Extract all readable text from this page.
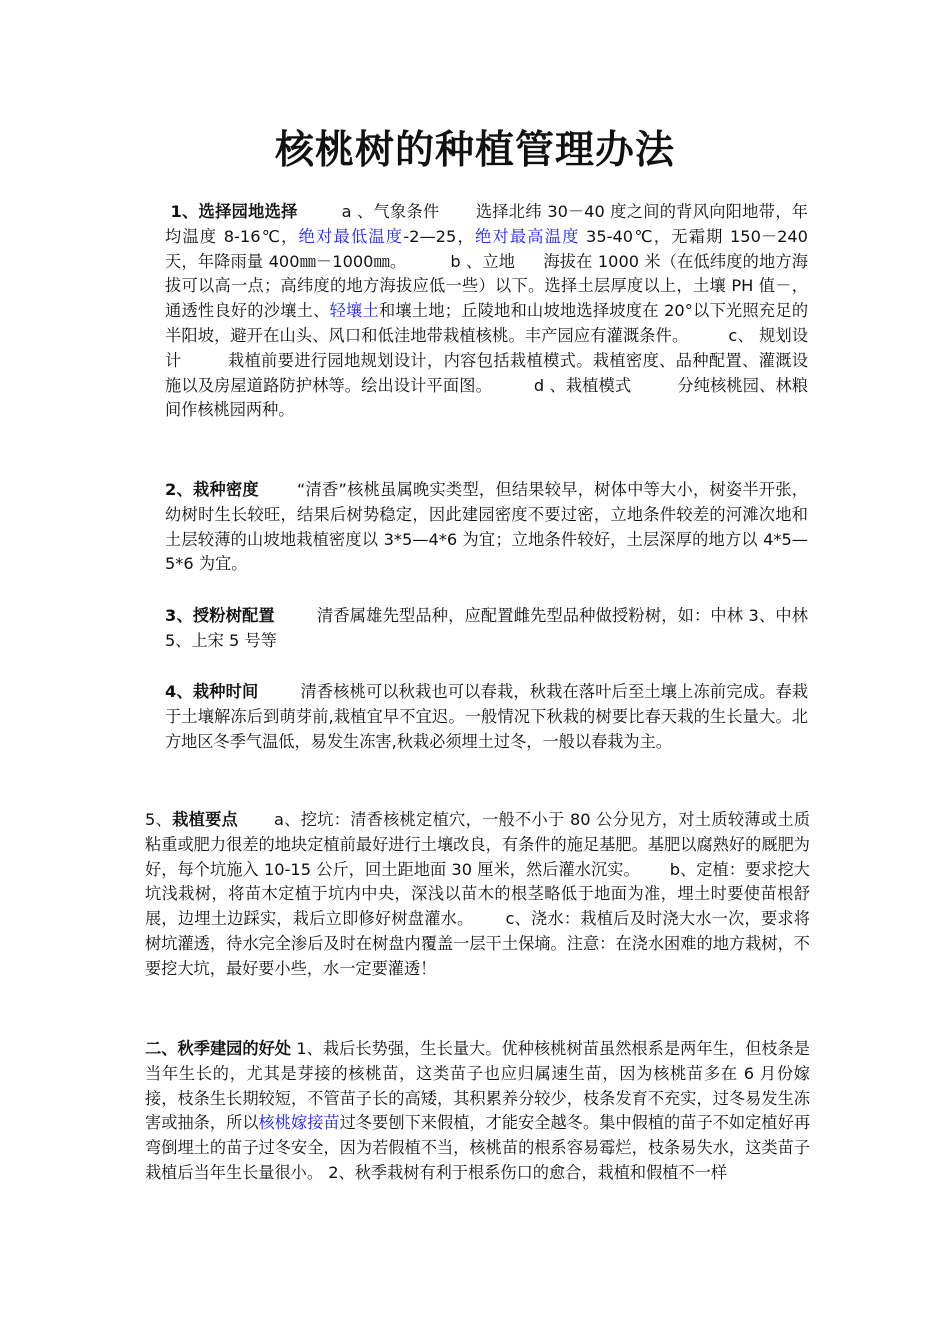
核桃树的种植管理办法

1、选择园地选择	a 、气象条件 选择北纬 30－40 度之间的背风向阳地带，年均温度 8-16℃，绝对最低温度-2—25，绝对最高温度 35-40℃，无霜期 150－240 天，年降雨量 400㎜－1000㎜。	b 、立地 海拔在 1000 米（在低纬度的地方海拔可以高一点；高纬度的地方海拔应低一些）以下。选择土层厚度以上，土壤 PH 值－，通透性良好的沙壤土、轻壤土和壤土地；丘陵地和山坡地选择坡度在 20°以下光照充足的半阳坡，避开在山头、风口和低洼地带栽植核桃。丰产园应有灌溉条件。 c、 规划设计	栽植前要进行园地规划设计，内容包括栽植模式。栽植密度、品种配置、灌溉设施以及房屋道路防护林等。绘出设计平面图。	d 、栽植模式	分纯核桃园、林粮间作核桃园两种。

2、栽种密度 “清香”核桃虽属晚实类型，但结果较早，树体中等大小，树姿半开张，幼树时生长较旺，结果后树势稳定，因此建园密度不要过密，立地条件较差的河滩次地和土层较薄的山坡地栽植密度以 3*5—4*6 为宜；立地条件较好，土层深厚的地方以 4*5—5*6 为宜。

3、授粉树配置	清香属雄先型品种，应配置雌先型品种做授粉树，如：中林 3、中林 5、上宋 5 号等

4、栽种时间	清香核桃可以秋栽也可以春栽，秋栽在落叶后至土壤上冻前完成。春栽于土壤解冻后到萌芽前,栽植宜早不宜迟。一般情况下秋栽的树要比春天栽的生长量大。北方地区冬季气温低，易发生冻害,秋栽必须埋土过冬，一般以春栽为主。

5、栽植要点 a、挖坑：清香核桃定植穴，一般不小于 80 公分见方，对土质较薄或土质粘重或肥力很差的地块定植前最好进行土壤改良，有条件的施足基肥。基肥以腐熟好的厩肥为好，每个坑施入 10-15 公斤，回土距地面 30 厘米，然后灌水沉实。 b、定植：要求挖大坑浅栽树，将苗木定植于坑内中央，深浅以苗木的根茎略低于地面为准，埋土时要使苗根舒展，边埋土边踩实，栽后立即修好树盘灌水。 c、浇水：栽植后及时浇大水一次，要求将树坑灌透，待水完全渗后及时在树盘内覆盖一层干土保墒。注意：在浇水困难的地方栽树，不要挖大坑，最好要小些，水一定要灌透！

二、秋季建园的好处 1、栽后长势强，生长量大。优种核桃树苗虽然根系是两年生，但枝条是当年生长的，尤其是芽接的核桃苗，这类苗子也应归属速生苗，因为核桃苗多在 6 月份嫁接，枝条生长期较短，不管苗子长的高矮，其积累养分较少，枝条发育不充实，过冬易发生冻害或抽条，所以核桃嫁接苗过冬要刨下来假植，才能安全越冬。集中假植的苗子不如定植好再弯倒埋土的苗子过冬安全，因为若假植不当，核桃苗的根系容易霉烂，枝条易失水，这类苗子栽植后当年生长量很小。 2、秋季栽树有利于根系伤口的愈合，栽植和假植不一样
